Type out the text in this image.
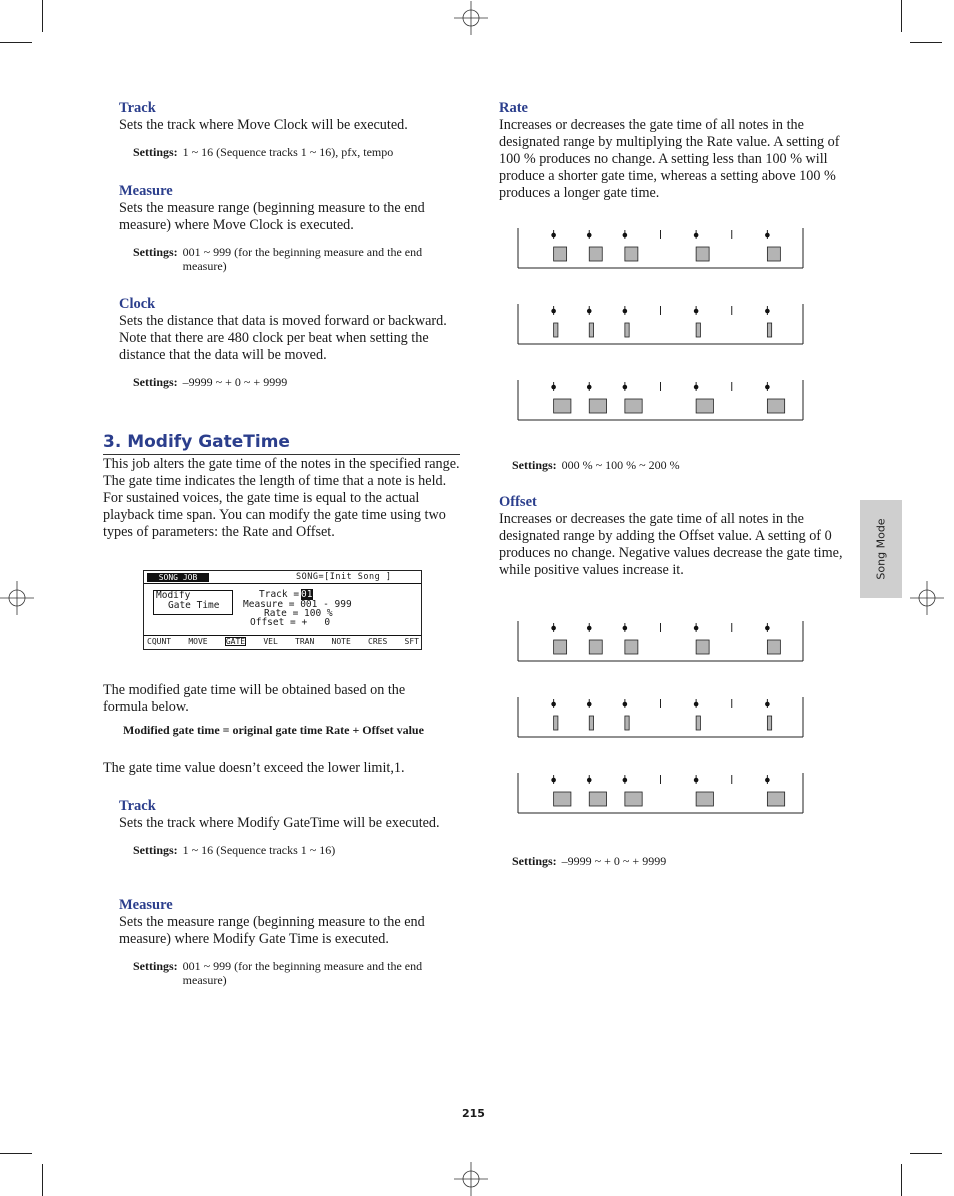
Track
Sets the track where Move Clock will be executed.
Settings: 1 ~ 16 (Sequence tracks 1 ~ 16), pfx, tempo
Measure
Sets the measure range (beginning measure to the end measure) where Move Clock is executed.
Settings: 001 ~ 999 (for the beginning measure and the end measure)
Clock
Sets the distance that data is moved forward or backward. Note that there are 480 clock per beat when setting the distance that the data will be moved.
Settings: –9999 ~ + 0 ~ + 9999
3. Modify GateTime
This job alters the gate time of the notes in the specified range. The gate time indicates the length of time that a note is held. For sustained voices, the gate time is equal to the actual playback time span. You can modify the gate time using two types of parameters: the Rate and Offset.
SONG JOB	SONG=[Init Song ]
Modify
Gate Time
Track = 01
Measure = 001 - 999
Rate = 100 %
Offset = +   0
CQUNT MOVE GATE VEL TRAN NOTE CRES SFT
The modified gate time will be obtained based on the formula below.
Modified gate time = original gate time Rate + Offset value
The gate time value doesn’t exceed the lower limit,1.
Track
Sets the track where Modify GateTime will be executed.
Settings: 1 ~ 16 (Sequence tracks 1 ~ 16)
Measure
Sets the measure range (beginning measure to the end measure) where Modify Gate Time is executed.
Settings: 001 ~ 999 (for the beginning measure and the end measure)
Rate
Increases or decreases the gate time of all notes in the designated range by multiplying the Rate value. A setting of 100 % produces no change. A setting less than 100 % will produce a shorter gate time, whereas a setting above 100 % produces a longer gate time.
Settings: 000 % ~ 100 % ~ 200 %
Offset
Increases or decreases the gate time of all notes in the designated range by adding the Offset value. A setting of 0 produces no change. Negative values decrease the gate time, while positive values increase it.
Settings: –9999 ~ + 0 ~ + 9999
Song Mode
215
